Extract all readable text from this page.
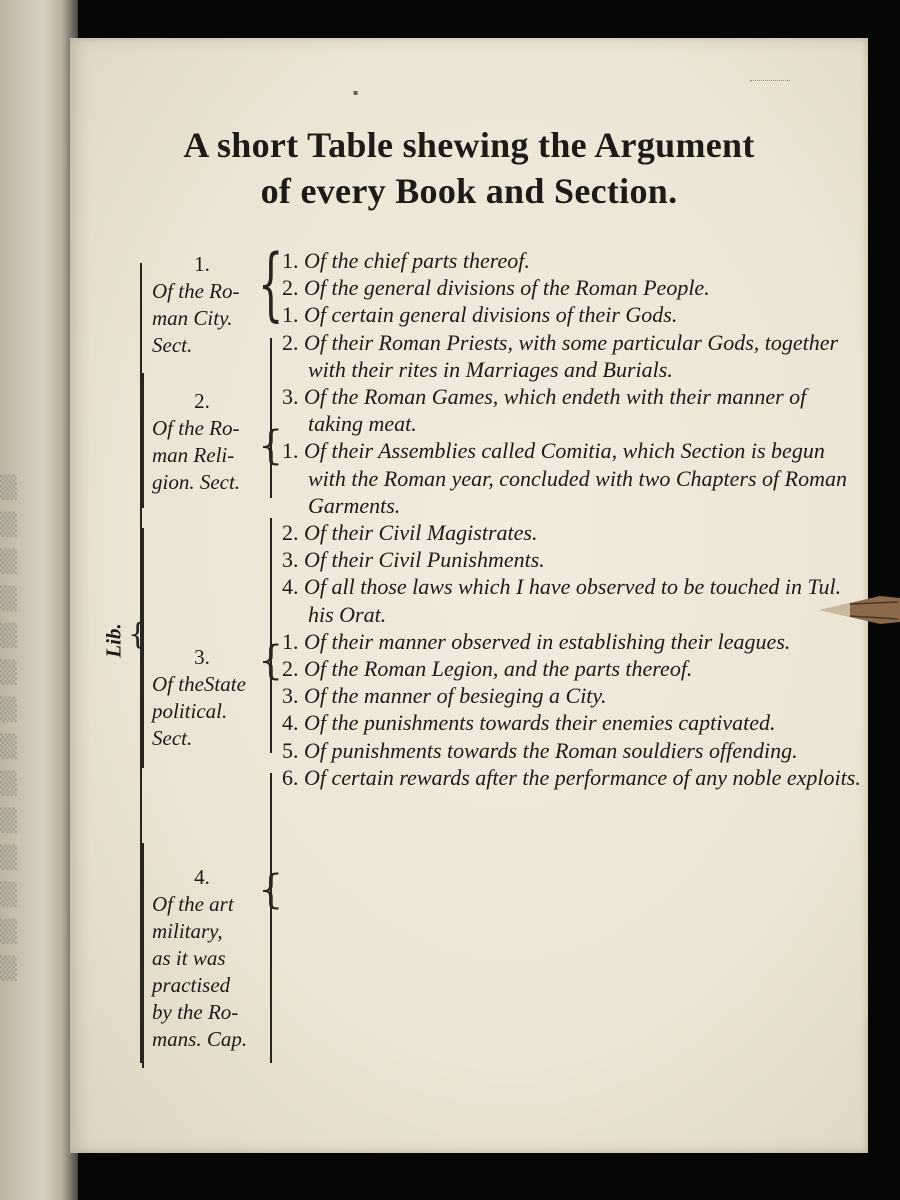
▒
▒
▒
▒
▒
▒
▒
▒
▒
▒
▒
▒
▒
▒
▪
A short Table shewing the Argument
of every Book and Section.
Lib. {
1.
Of the Ro-
man City.
Sect.
2.
Of the Ro-
man Reli-
gion. Sect.
3.
Of theState
political.
Sect.
4.
Of the art
military,
as it was
practised
by the Ro-
mans. Cap.
{
{
{
{

1. Of the chief parts thereof.

2. Of the general divisions of the Roman People.

1. Of certain general divisions of their Gods.

2. Of their Roman Priests, with some particular Gods, together with their rites in Marriages and Burials.

3. Of the Roman Games, which endeth with their manner of taking meat.

1. Of their Assemblies called Comitia, which Section is begun with the Roman year, concluded with two Chapters of Roman Garments.

2. Of their Civil Magistrates.

3. Of their Civil Punishments.

4. Of all those laws which I have observed to be touched in Tul. his Orat.

1. Of their manner observed in establishing their leagues.

2. Of the Roman Legion, and the parts thereof.

3. Of the manner of besieging a City.

4. Of the punishments towards their enemies captivated.

5. Of punishments towards the Roman souldiers offending.

6. Of certain rewards after the performance of any noble exploits.
